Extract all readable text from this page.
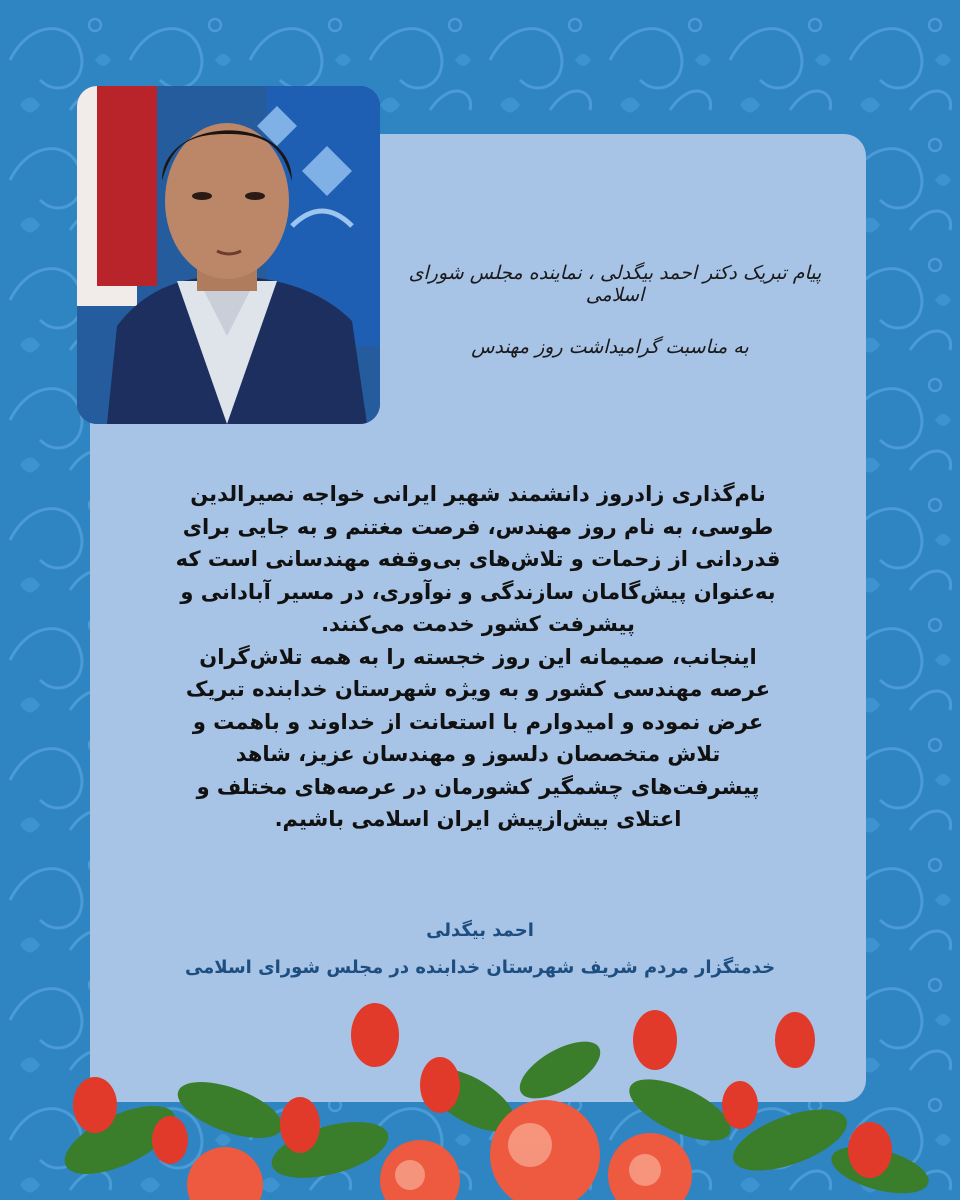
پیام تبریک دکتر احمد بیگدلی ، نماینده مجلس شورای اسلامی
به مناسبت گرامیداشت روز مهندس

نام‌گذاری زادروز دانشمند شهیر ایرانی خواجه نصیرالدین طوسی، به نام روز مهندس، فرصت مغتنم و به جایی برای قدردانی از زحمات و تلاش‌های بی‌وقفه مهندسانی است که به‌عنوان پیش‌گامان سازندگی و نوآوری، در مسیر آبادانی و پیشرفت کشور خدمت می‌کنند.

اینجانب، صمیمانه این روز خجسته را به همه تلاش‌گران عرصه مهندسی کشور و به ویژه شهرستان خدابنده تبریک عرض نموده و امیدوارم با استعانت از خداوند و باهمت و تلاش متخصصان دلسوز و مهندسان عزیز، شاهد پیشرفت‌های چشمگیر کشورمان در عرصه‌های مختلف و اعتلای بیش‌ازپیش ایران اسلامی باشیم.

احمد بیگدلی
خدمتگزار مردم شریف شهرستان خدابنده در مجلس شورای اسلامی
